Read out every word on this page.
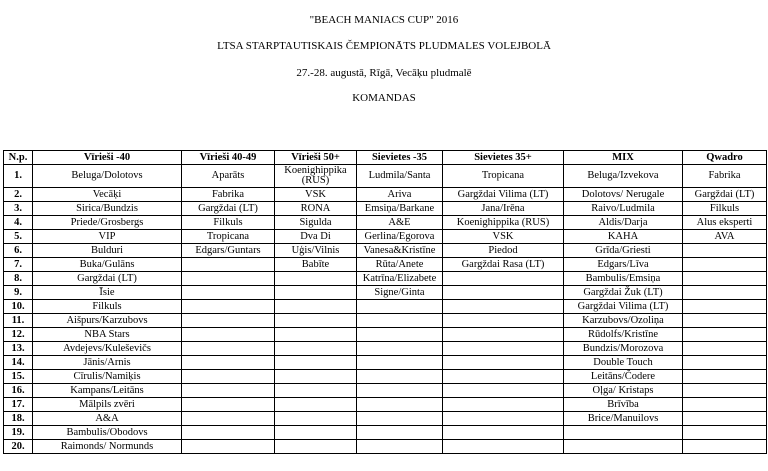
"BEACH MANIACS CUP" 2016
LTSA STARPTAUTISKAIS ČEMPIONĀTS PLUDMALES VOLEJBOLĀ
27.-28. augustā, Rīgā, Vecāķu pludmalē
KOMANDAS
N.p.	Vīrieši -40	Vīrieši 40-49	Vīrieši 50+	Sievietes -35	Sievietes 35+	MIX	Qwadro
1.	Beluga/Dolotovs	Aparāts	Koenighippika (RUS)	Ludmila/Santa	Tropicana	Beluga/Izvekova	Fabrika
2.	Vecāķi	Fabrika	VSK	Ariva	Gargždai Vilima (LT)	Dolotovs/ Nerugale	Gargždai (LT)
3.	Sirica/Bundzis	Gargždai (LT)	RONA	Emsiņa/Barkane	Jana/Irēna	Raivo/Ludmila	Filkuls
4.	Priede/Grosbergs	Filkuls	Sigulda	A&E	Koenighippika (RUS)	Aldis/Darja	Alus eksperti
5.	VIP	Tropicana	Dva Di	Gerlina/Egorova	VSK	KAHA	AVA
6.	Bulduri	Edgars/Guntars	Uģis/Vilnis	Vanesa&Kristīne	Piedod	Grīda/Griesti	
7.	Buka/Gulāns		Babīte	Rūta/Anete	Gargždai Rasa (LT)	Edgars/Līva	
8.	Gargždai (LT)			Katrīna/Elizabete		Bambulis/Emsiņa	
9.	Īsie			Signe/Ginta		Gargždai Žuk (LT)	
10.	Filkuls					Gargždai Vilima (LT)	
11.	Aišpurs/Karzubovs					Karzubovs/Ozoliņa	
12.	NBA Stars					Rūdolfs/Kristīne	
13.	Avdejevs/Kuleševičs					Bundzis/Morozova	
14.	Jānis/Arnis					Double Touch	
15.	Cīrulis/Namiķis					Leitāns/Čodere	
16.	Kampans/Leitāns					Oļga/ Kristaps	
17.	Mālpils zvēri					Brīvība	
18.	A&A					Brice/Manuilovs	
19.	Bambulis/Obodovs						
20.	Raimonds/ Normunds						
